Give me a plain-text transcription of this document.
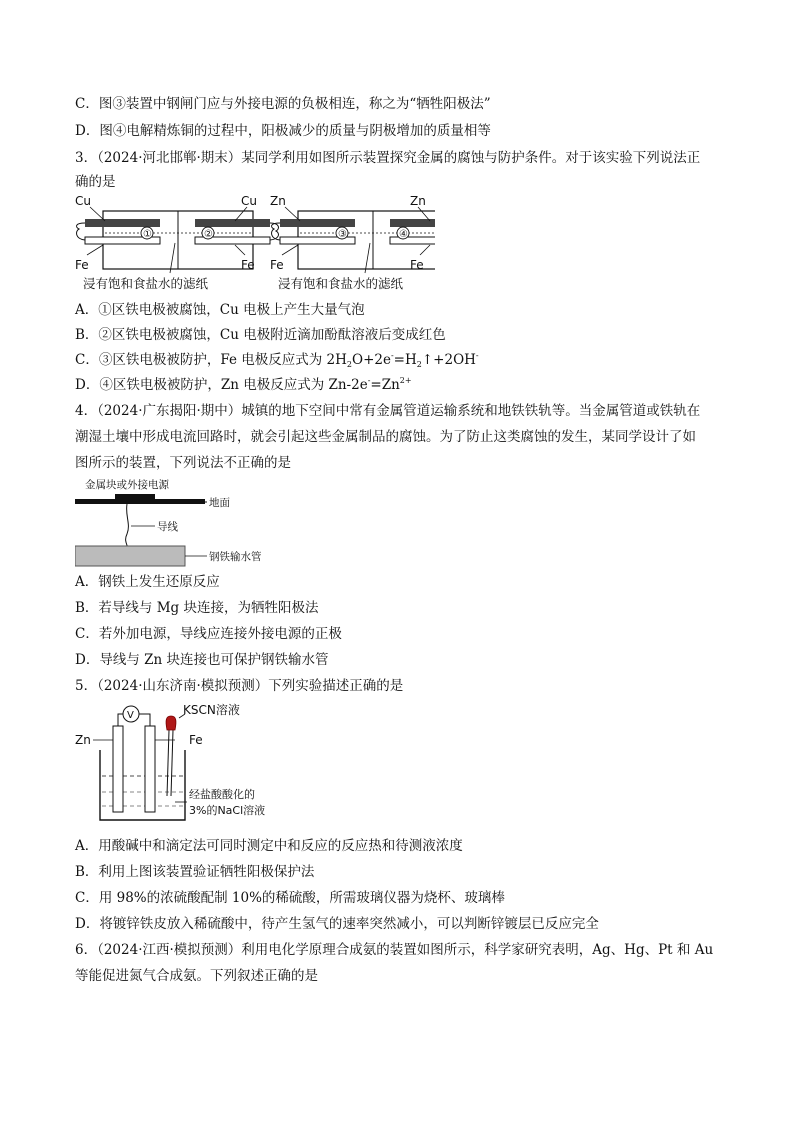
C．图③装置中钢闸门应与外接电源的负极相连，称之为“牺牲阳极法”
D．图④电解精炼铜的过程中，阳极减少的质量与阴极增加的质量相等
3．（2024·河北邯郸·期末）某同学利用如图所示装置探究金属的腐蚀与防护条件。对于该实验下列说法正
确的是
①	②
Cu	Cu
Fe	Fe
浸有饱和食盐水的滤纸
③	④
Zn	Zn
Fe	Fe
浸有饱和食盐水的滤纸
A．①区铁电极被腐蚀，Cu 电极上产生大量气泡
B．②区铁电极被腐蚀，Cu 电极附近滴加酚酞溶液后变成红色
C．③区铁电极被防护，Fe 电极反应式为 $2H_2O+2e^-=H_2↑+2OH^-$
D．④区铁电极被防护，Zn 电极反应式为 $Zn-2e^-=Zn^{2+}$
4．（2024·广东揭阳·期中）城镇的地下空间中常有金属管道运输系统和地铁铁轨等。当金属管道或铁轨在
潮湿土壤中形成电流回路时，就会引起这些金属制品的腐蚀。为了防止这类腐蚀的发生，某同学设计了如
图所示的装置，下列说法不正确的是
金属块或外接电源
地面
导线
钢铁输水管
A．钢铁上发生还原反应
B．若导线与 Mg 块连接，为牺牲阳极法
C．若外加电源，导线应连接外接电源的正极
D．导线与 Zn 块连接也可保护钢铁输水管
5．（2024·山东济南·模拟预测）下列实验描述正确的是
V	KSCN溶液
Zn	Fe
经盐酸酸化的
3%的NaCl溶液
A．用酸碱中和滴定法可同时测定中和反应的反应热和待测液浓度
B．利用上图该装置验证牺牲阳极保护法
C．用 98%的浓硫酸配制 10%的稀硫酸，所需玻璃仪器为烧杯、玻璃棒
D．将镀锌铁皮放入稀硫酸中，待产生氢气的速率突然减小，可以判断锌镀层已反应完全
6．（2024·江西·模拟预测）利用电化学原理合成氨的装置如图所示，科学家研究表明，Ag、Hg、Pt 和 Au
等能促进氮气合成氨。下列叙述正确的是
